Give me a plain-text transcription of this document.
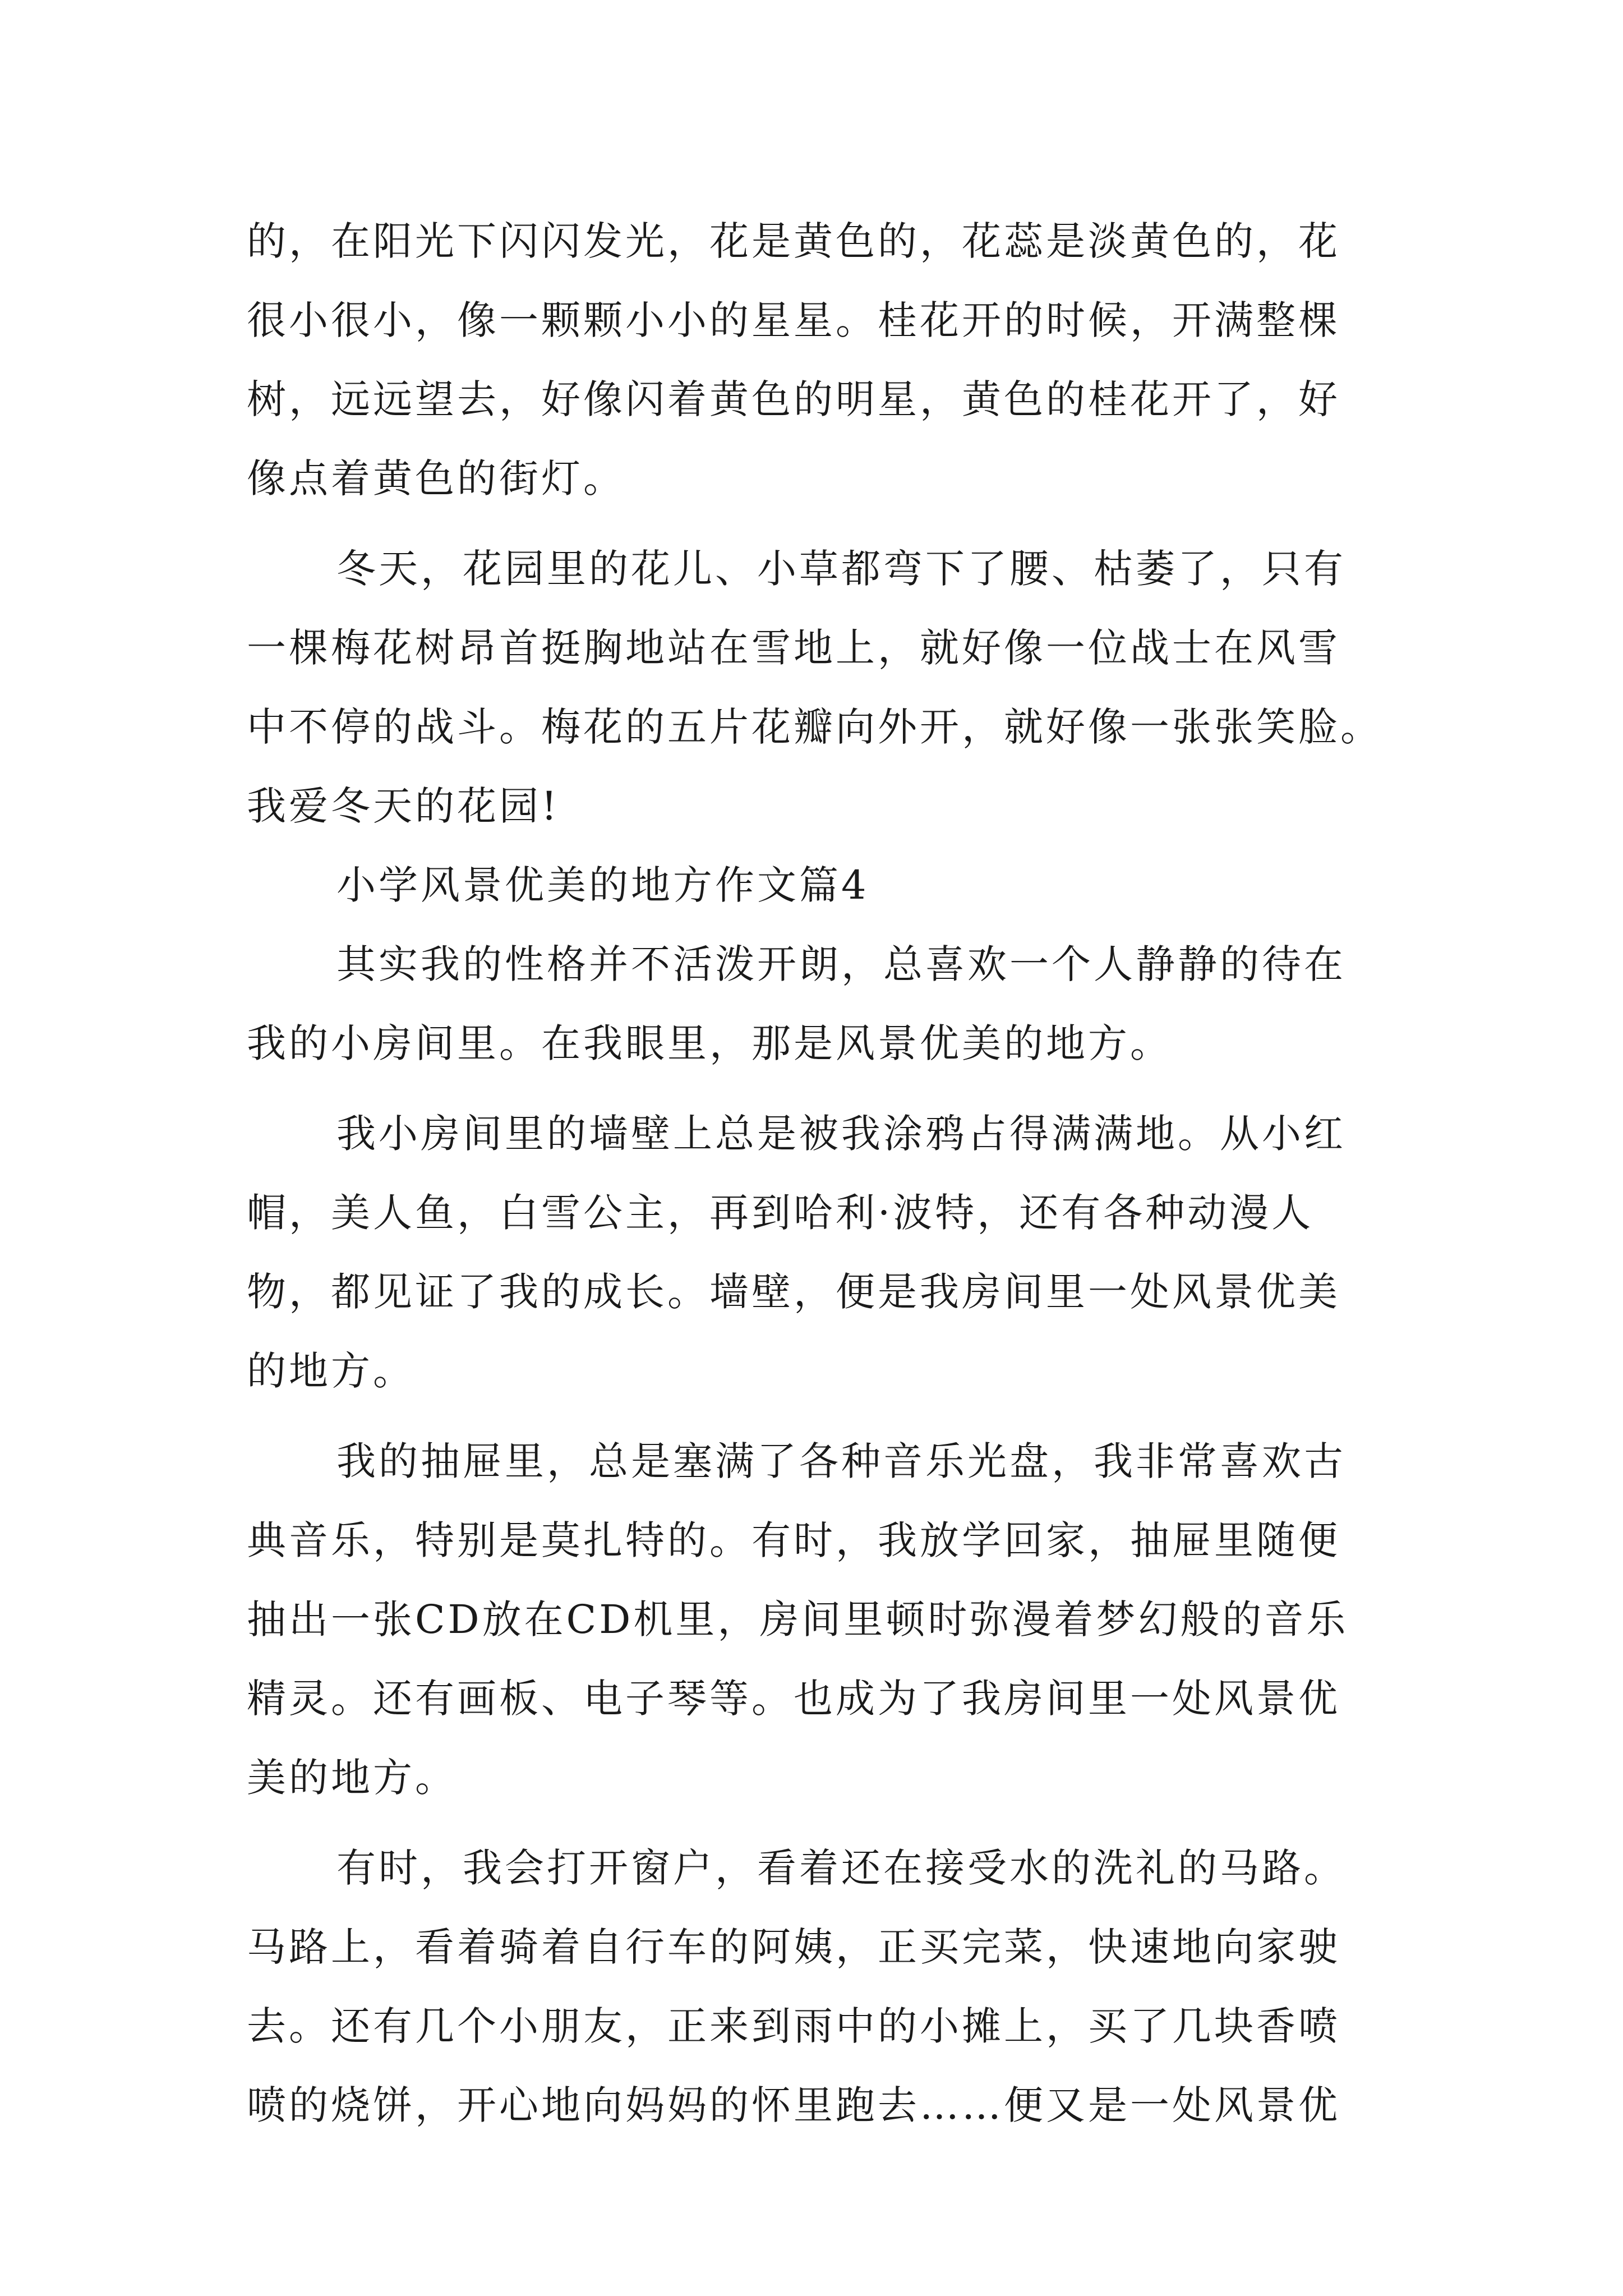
的，在阳光下闪闪发光，花是黄色的，花蕊是淡黄色的，花
很小很小，像一颗颗小小的星星。桂花开的时候，开满整棵
树，远远望去，好像闪着黄色的明星，黄色的桂花开了，好
像点着黄色的街灯。
冬天，花园里的花儿、小草都弯下了腰、枯萎了，只有
一棵梅花树昂首挺胸地站在雪地上，就好像一位战士在风雪
中不停的战斗。梅花的五片花瓣向外开，就好像一张张笑脸。
我爱冬天的花园!
小学风景优美的地方作文篇4
其实我的性格并不活泼开朗，总喜欢一个人静静的待在
我的小房间里。在我眼里，那是风景优美的地方。
我小房间里的墙壁上总是被我涂鸦占得满满地。从小红
帽，美人鱼，白雪公主，再到哈利·波特，还有各种动漫人
物，都见证了我的成长。墙壁，便是我房间里一处风景优美
的地方。
我的抽屉里，总是塞满了各种音乐光盘，我非常喜欢古
典音乐，特别是莫扎特的。有时，我放学回家，抽屉里随便
抽出一张CD放在CD机里，房间里顿时弥漫着梦幻般的音乐
精灵。还有画板、电子琴等。也成为了我房间里一处风景优
美的地方。
有时，我会打开窗户，看着还在接受水的洗礼的马路。
马路上，看着骑着自行车的阿姨，正买完菜，快速地向家驶
去。还有几个小朋友，正来到雨中的小摊上，买了几块香喷
喷的烧饼，开心地向妈妈的怀里跑去……便又是一处风景优
